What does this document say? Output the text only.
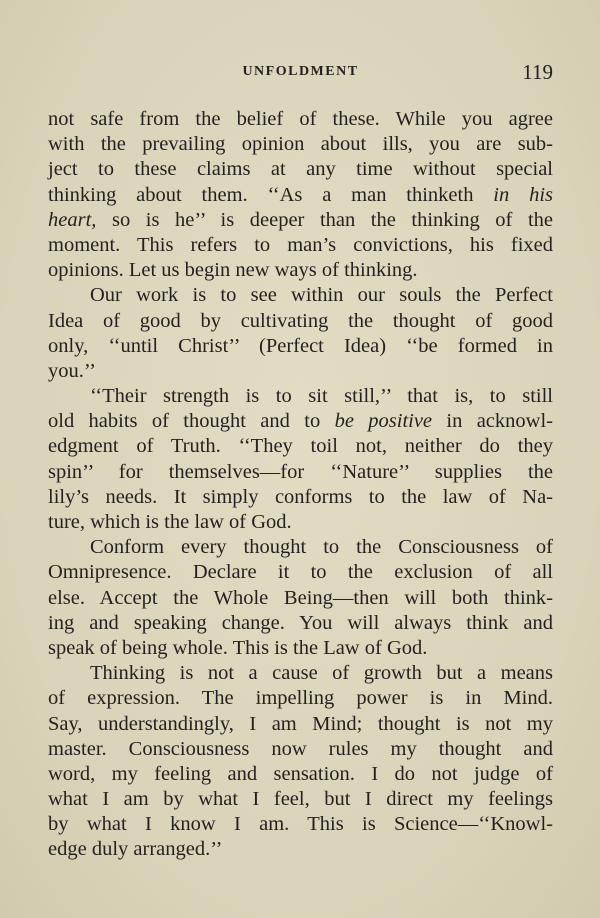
UNFOLDMENT	119
not safe from the belief of these. While you agree
with the prevailing opinion about ills, you are sub-
ject to these claims at any time without special
thinking about them. ‘‘As a man thinketh in his
heart, so is he’’ is deeper than the thinking of the
moment. This refers to man’s convictions, his fixed
opinions. Let us begin new ways of thinking.
Our work is to see within our souls the Perfect
Idea of good by cultivating the thought of good
only, ‘‘until Christ’’ (Perfect Idea) ‘‘be formed in
you.’’
‘‘Their strength is to sit still,’’ that is, to still
old habits of thought and to be positive in acknowl-
edgment of Truth. ‘‘They toil not, neither do they
spin’’ for themselves—for ‘‘Nature’’ supplies the
lily’s needs. It simply conforms to the law of Na-
ture, which is the law of God.
Conform every thought to the Consciousness of
Omnipresence. Declare it to the exclusion of all
else. Accept the Whole Being—then will both think-
ing and speaking change. You will always think and
speak of being whole. This is the Law of God.
Thinking is not a cause of growth but a means
of expression. The impelling power is in Mind.
Say, understandingly, I am Mind; thought is not my
master. Consciousness now rules my thought and
word, my feeling and sensation. I do not judge of
what I am by what I feel, but I direct my feelings
by what I know I am. This is Science—‘‘Knowl-
edge duly arranged.’’
